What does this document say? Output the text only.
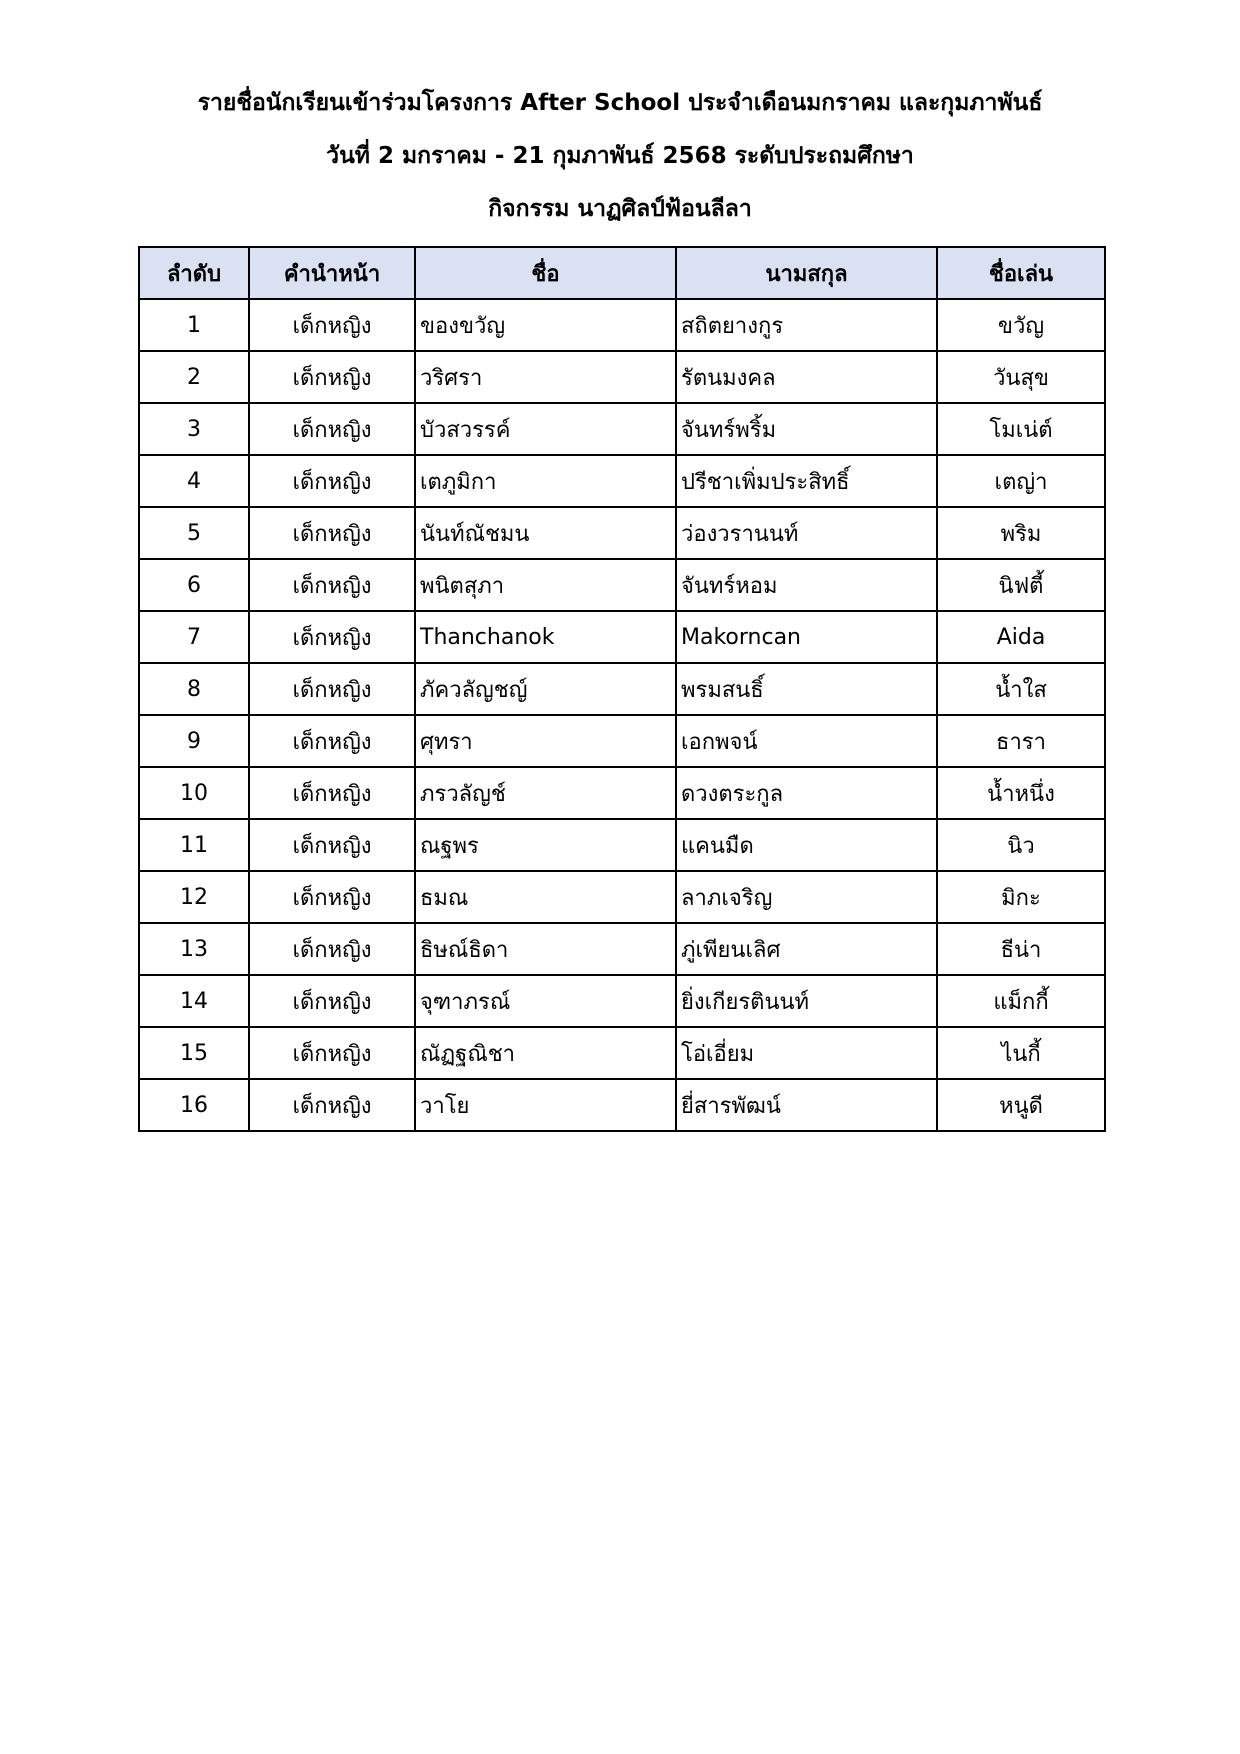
รายชื่อนักเรียนเข้าร่วมโครงการ After School ประจำเดือนมกราคม และกุมภาพันธ์
วันที่ 2 มกราคม - 21 กุมภาพันธ์ 2568 ระดับประถมศึกษา
กิจกรรม นาฏศิลป์ฟ้อนลีลา
ลำดับ	คำนำหน้า	ชื่อ	นามสกุล	ชื่อเล่น
1	เด็กหญิง	ของขวัญ	สถิตยางกูร	ขวัญ
2	เด็กหญิง	วริศรา	รัตนมงคล	วันสุข
3	เด็กหญิง	บัวสวรรค์	จันทร์พริ้ม	โมเน่ต์
4	เด็กหญิง	เตภูมิกา	ปรีชาเพิ่มประสิทธิ์	เตญ่า
5	เด็กหญิง	นันท์ณัชมน	ว่องวรานนท์	พริม
6	เด็กหญิง	พนิตสุภา	จันทร์หอม	นิฟตี้
7	เด็กหญิง	Thanchanok	Makorncan	Aida
8	เด็กหญิง	ภัควลัญชญ์	พรมสนธิ์	น้ำใส
9	เด็กหญิง	ศุทรา	เอกพจน์	ธารา
10	เด็กหญิง	ภรวลัญช์	ดวงตระกูล	น้ำหนึ่ง
11	เด็กหญิง	ณฐพร	แคนมืด	นิว
12	เด็กหญิง	ธมณ	ลาภเจริญ	มิกะ
13	เด็กหญิง	ธิษณ์ธิดา	ภู่เพียนเลิศ	ธีน่า
14	เด็กหญิง	จุฑาภรณ์	ยิ่งเกียรตินนท์	แม็กกี้
15	เด็กหญิง	ณัฏฐณิชา	โอ่เอี่ยม	ไนกี้
16	เด็กหญิง	วาโย	ยี่สารพัฒน์	หนูดี
